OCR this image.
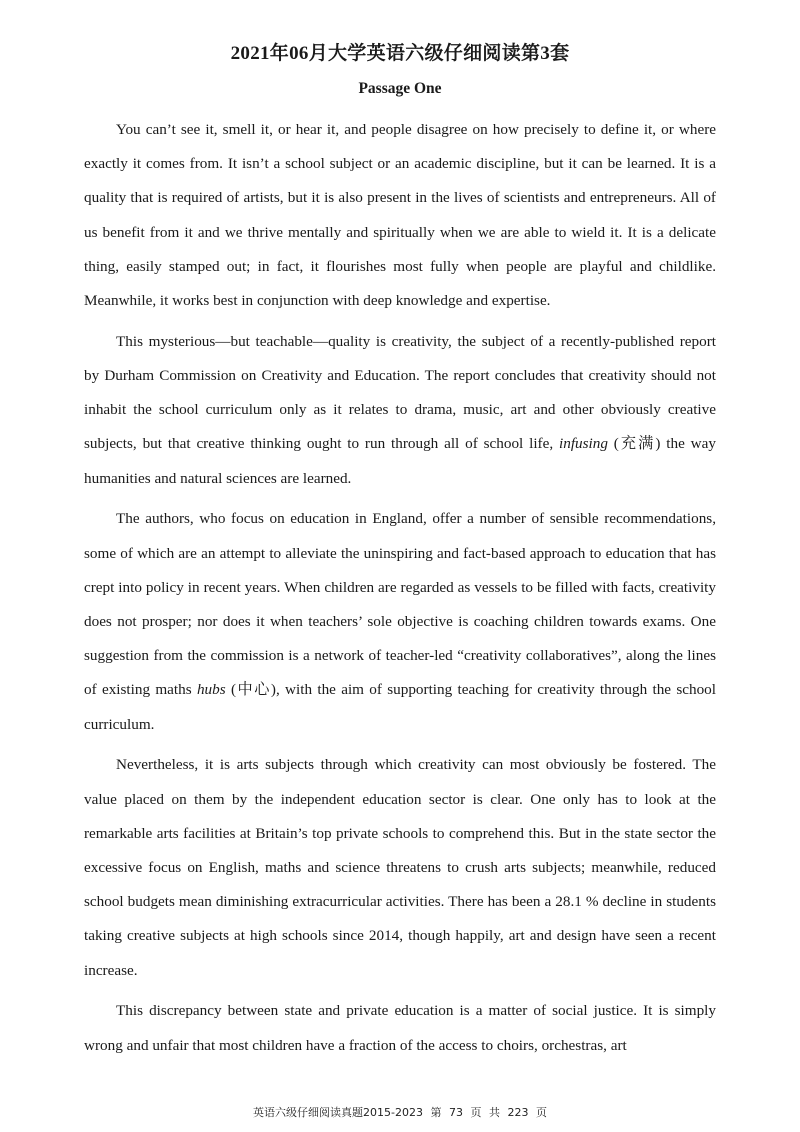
2021年06月大学英语六级仔细阅读第3套
Passage One

You can’t see it, smell it, or hear it, and people disagree on how precisely to define it, or where exactly it comes from. It isn’t a school subject or an academic discipline, but it can be learned. It is a quality that is required of artists, but it is also present in the lives of scientists and entrepreneurs. All of us benefit from it and we thrive mentally and spiritually when we are able to wield it. It is a delicate thing, easily stamped out; in fact, it flourishes most fully when people are playful and childlike. Meanwhile, it works best in conjunction with deep knowledge and expertise.

This mysterious—but teachable—quality is creativity, the subject of a recently-published report by Durham Commission on Creativity and Education. The report concludes that creativity should not inhabit the school curriculum only as it relates to drama, music, art and other obviously creative subjects, but that creative thinking ought to run through all of school life, infusing (充满) the way humanities and natural sciences are learned.

The authors, who focus on education in England, offer a number of sensible recommendations, some of which are an attempt to alleviate the uninspiring and fact-based approach to education that has crept into policy in recent years. When children are regarded as vessels to be filled with facts, creativity does not prosper; nor does it when teachers’ sole objective is coaching children towards exams. One suggestion from the commission is a network of teacher-led “creativity collaboratives”, along the lines of existing maths hubs (中心), with the aim of supporting teaching for creativity through the school curriculum.

Nevertheless, it is arts subjects through which creativity can most obviously be fostered. The value placed on them by the independent education sector is clear. One only has to look at the remarkable arts facilities at Britain’s top private schools to comprehend this. But in the state sector the excessive focus on English, maths and science threatens to crush arts subjects; meanwhile, reduced school budgets mean diminishing extracurricular activities. There has been a 28.1 % decline in students taking creative subjects at high schools since 2014, though happily, art and design have seen a recent increase.

This discrepancy between state and private education is a matter of social justice. It is simply wrong and unfair that most children have a fraction of the access to choirs, orchestras, art

英语六级仔细阅读真题2015-2023 第 73 页 共 223 页
